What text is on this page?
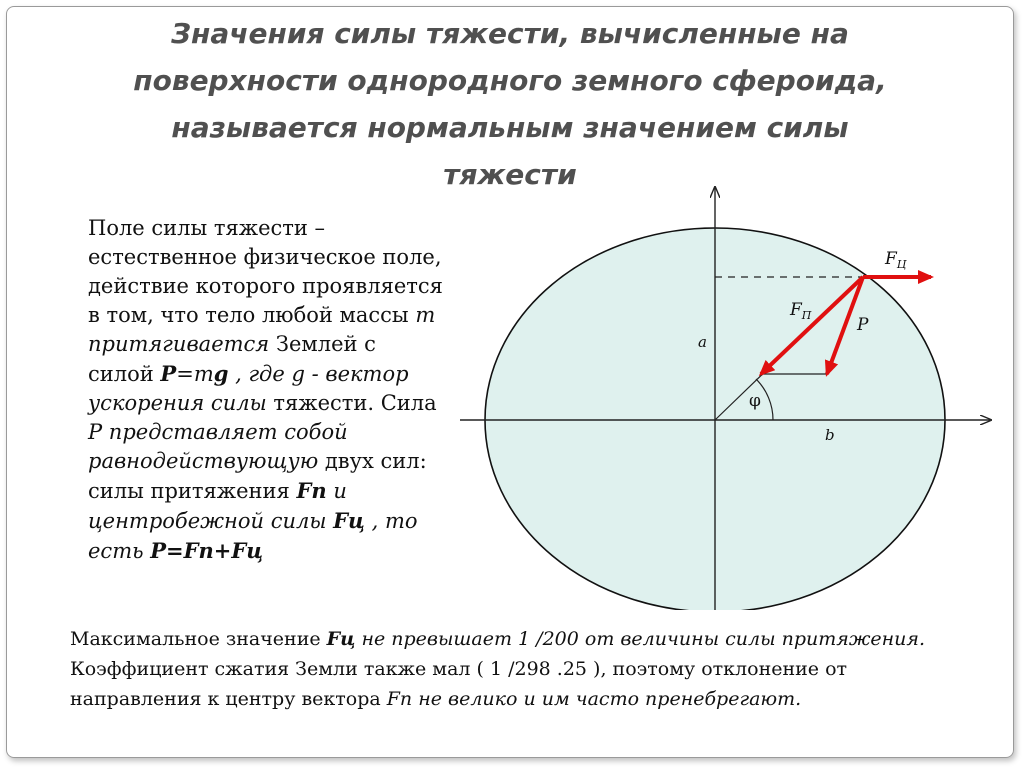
Значения силы тяжести, вычисленные на
поверхности однородного земного сфероида,
называется нормальным значением силы
тяжести
Поле силы тяжести – естественное физическое поле, действие которого проявляется в том, что тело любой массы m притягивается Землей с силой P=mg , где g - вектор ускорения силы тяжести. Сила P представляет собой равнодействующую двух сил: силы притяжения Fп и центробежной силы Fц , то есть P=Fп+Fц
$F_Ц$
$F_П$	P
a
b
φ
Максимальное значение Fц не превышает 1 /200 от величины силы притяжения. Коэффициент сжатия Земли также мал ( 1 /298 .25 ), поэтому отклонение от направления к центру вектора Fп не велико и им часто пренебрегают.
